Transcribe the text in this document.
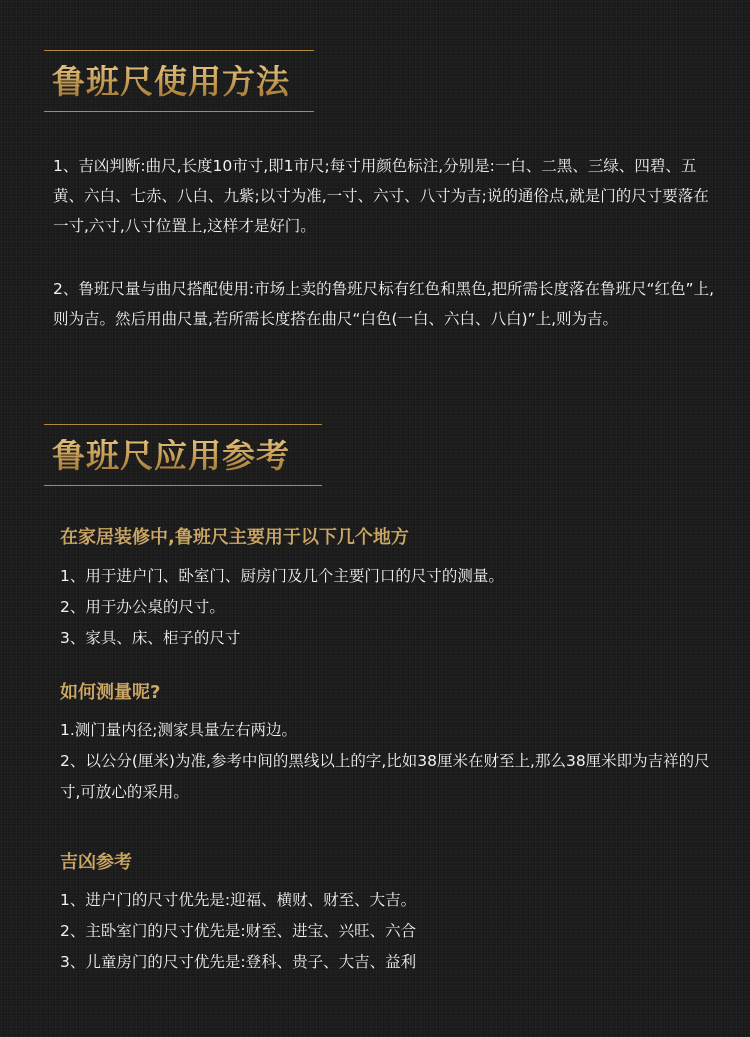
鲁班尺使用方法

1、吉凶判断:曲尺,长度10市寸,即1市尺;每寸用颜色标注,分别是:一白、二黑、三绿、四碧、五黄、六白、七赤、八白、九紫;以寸为准,一寸、六寸、八寸为吉;说的通俗点,就是门的尺寸要落在一寸,六寸,八寸位置上,这样才是好门。

2、鲁班尺量与曲尺搭配使用:市场上卖的鲁班尺标有红色和黑色,把所需长度落在鲁班尺“红色”上,则为吉。然后用曲尺量,若所需长度搭在曲尺“白色(一白、六白、八白)”上,则为吉。

鲁班尺应用参考
在家居装修中,鲁班尺主要用于以下几个地方
1、用于进户门、卧室门、厨房门及几个主要门口的尺寸的测量。
2、用于办公桌的尺寸。
3、家具、床、柜子的尺寸
如何测量呢?
1.测门量内径;测家具量左右两边。
2、以公分(厘米)为准,参考中间的黑线以上的字,比如38厘米在财至上,那么38厘米即为吉祥的尺寸,可放心的采用。
吉凶参考
1、进户门的尺寸优先是:迎福、横财、财至、大吉。
2、主卧室门的尺寸优先是:财至、进宝、兴旺、六合
3、儿童房门的尺寸优先是:登科、贵子、大吉、益利
